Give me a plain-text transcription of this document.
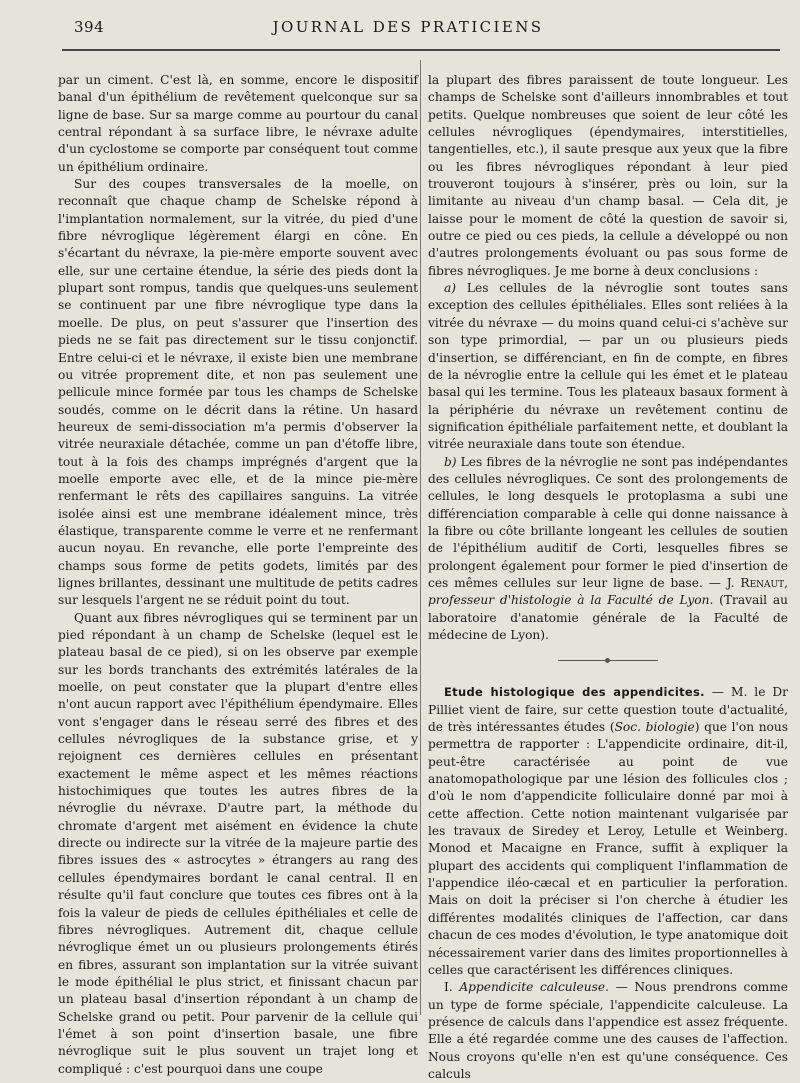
394	JOURNAL DES PRATICIENS

par un ciment. C'est là, en somme, encore le dispositif banal d'un épithélium de revêtement quelconque sur sa ligne de base. Sur sa marge comme au pourtour du canal central répondant à sa surface libre, le névraxe adulte d'un cyclostome se comporte par conséquent tout comme un épithélium ordinaire.

Sur des coupes transversales de la moelle, on reconnaît que chaque champ de Schelske répond à l'implantation normalement, sur la vitrée, du pied d'une fibre névroglique légèrement élargi en cône. En s'écartant du névraxe, la pie-mère emporte souvent avec elle, sur une certaine étendue, la série des pieds dont la plupart sont rompus, tandis que quelques-uns seulement se continuent par une fibre névroglique type dans la moelle. De plus, on peut s'assurer que l'insertion des pieds ne se fait pas directement sur le tissu conjonctif. Entre celui-ci et le névraxe, il existe bien une membrane ou vitrée proprement dite, et non pas seulement une pellicule mince formée par tous les champs de Schelske soudés, comme on le décrit dans la rétine. Un hasard heureux de semi-dissociation m'a permis d'observer la vitrée neuraxiale détachée, comme un pan d'étoffe libre, tout à la fois des champs imprégnés d'argent que la moelle emporte avec elle, et de la mince pie-mère renfermant le rêts des capillaires sanguins. La vitrée isolée ainsi est une membrane idéalement mince, très élastique, transparente comme le verre et ne renfermant aucun noyau. En revanche, elle porte l'empreinte des champs sous forme de petits godets, limités par des lignes brillantes, dessinant une multitude de petits cadres sur lesquels l'argent ne se réduit point du tout.

Quant aux fibres névrogliques qui se terminent par un pied répondant à un champ de Schelske (lequel est le plateau basal de ce pied), si on les observe par exemple sur les bords tranchants des extrémités latérales de la moelle, on peut constater que la plupart d'entre elles n'ont aucun rapport avec l'épithélium épendymaire. Elles vont s'engager dans le réseau serré des fibres et des cellules névrogliques de la substance grise, et y rejoignent ces dernières cellules en présentant exactement le même aspect et les mêmes réactions histochimiques que toutes les autres fibres de la névroglie du névraxe. D'autre part, la méthode du chromate d'argent met aisément en évidence la chute directe ou indirecte sur la vitrée de la majeure partie des fibres issues des « astrocytes » étrangers au rang des cellules épendymaires bordant le canal central. Il en résulte qu'il faut conclure que toutes ces fibres ont à la fois la valeur de pieds de cellules épithéliales et celle de fibres névrogliques. Autrement dit, chaque cellule névroglique émet un ou plusieurs prolongements étirés en fibres, assurant son implantation sur la vitrée suivant le mode épithélial le plus strict, et finissant chacun par un plateau basal d'insertion répondant à un champ de Schelske grand ou petit. Pour parvenir de la cellule qui l'émet à son point d'insertion basale, une fibre névroglique suit le plus souvent un trajet long et compliqué : c'est pourquoi dans une coupe

la plupart des fibres paraissent de toute longueur. Les champs de Schelske sont d'ailleurs innombrables et tout petits. Quelque nombreuses que soient de leur côté les cellules névrogliques (épendymaires, interstitielles, tangentielles, etc.), il saute presque aux yeux que la fibre ou les fibres névrogliques répondant à leur pied trouveront toujours à s'insérer, près ou loin, sur la limitante au niveau d'un champ basal. — Cela dit, je laisse pour le moment de côté la question de savoir si, outre ce pied ou ces pieds, la cellule a développé ou non d'autres prolongements évoluant ou pas sous forme de fibres névrogliques. Je me borne à deux conclusions :

a) Les cellules de la névroglie sont toutes sans exception des cellules épithéliales. Elles sont reliées à la vitrée du névraxe — du moins quand celui-ci s'achève sur son type primordial, — par un ou plusieurs pieds d'insertion, se différenciant, en fin de compte, en fibres de la névroglie entre la cellule qui les émet et le plateau basal qui les termine. Tous les plateaux basaux forment à la périphérie du névraxe un revêtement continu de signification épithéliale parfaitement nette, et doublant la vitrée neuraxiale dans toute son étendue.

b) Les fibres de la névroglie ne sont pas indépendantes des cellules névrogliques. Ce sont des prolongements de cellules, le long desquels le protoplasma a subi une différenciation comparable à celle qui donne naissance à la fibre ou côte brillante longeant les cellules de soutien de l'épithélium auditif de Corti, lesquelles fibres se prolongent également pour former le pied d'insertion de ces mêmes cellules sur leur ligne de base. — J. Renaut, professeur d'histologie à la Faculté de Lyon. (Travail au laboratoire d'anatomie générale de la Faculté de médecine de Lyon).

Etude histologique des appendicites. — M. le Dr Pilliet vient de faire, sur cette question toute d'actualité, de très intéressantes études (Soc. biologie) que l'on nous permettra de rapporter : L'appendicite ordinaire, dit-il, peut-être caractérisée au point de vue anatomopathologique par une lésion des follicules clos ; d'où le nom d'appendicite folliculaire donné par moi à cette affection. Cette notion maintenant vulgarisée par les travaux de Siredey et Leroy, Letulle et Weinberg. Monod et Macaigne en France, suffit à expliquer la plupart des accidents qui compliquent l'inflammation de l'appendice iléo-cæcal et en particulier la perforation. Mais on doit la préciser si l'on cherche à étudier les différentes modalités cliniques de l'affection, car dans chacun de ces modes d'évolution, le type anatomique doit nécessairement varier dans des limites proportionnelles à celles que caractérisent les différences cliniques.

I. Appendicite calculeuse. — Nous prendrons comme un type de forme spéciale, l'appendicite calculeuse. La présence de calculs dans l'appendice est assez fréquente. Elle a été regardée comme une des causes de l'affection. Nous croyons qu'elle n'en est qu'une conséquence. Ces calculs
